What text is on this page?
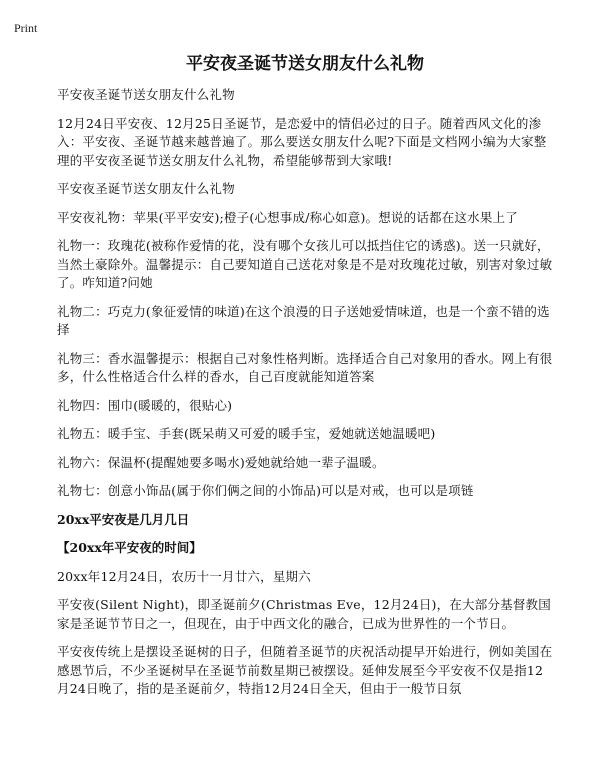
Print
平安夜圣诞节送女朋友什么礼物

平安夜圣诞节送女朋友什么礼物

12月24日平安夜、12月25日圣诞节，是恋爱中的情侣必过的日子。随着西风文化的渗入：平安夜、圣诞节越来越普遍了。那么要送女朋友什么呢?下面是文档网小编为大家整理的平安夜圣诞节送女朋友什么礼物，希望能够帮到大家哦!

平安夜圣诞节送女朋友什么礼物

平安夜礼物：苹果(平平安安);橙子(心想事成/称心如意)。想说的话都在这水果上了

礼物一：玫瑰花(被称作爱情的花，没有哪个女孩儿可以抵挡住它的诱惑)。送一只就好，当然土豪除外。温馨提示：自己要知道自己送花对象是不是对玫瑰花过敏，别害对象过敏了。咋知道?问她

礼物二：巧克力(象征爱情的味道)在这个浪漫的日子送她爱情味道，也是一个蛮不错的选择

礼物三：香水温馨提示：根据自己对象性格判断。选择适合自己对象用的香水。网上有很多，什么性格适合什么样的香水，自己百度就能知道答案

礼物四：围巾(暖暖的，很贴心)

礼物五：暖手宝、手套(既呆萌又可爱的暖手宝，爱她就送她温暖吧)

礼物六：保温杯(提醒她要多喝水)爱她就给她一辈子温暖。

礼物七：创意小饰品(属于你们俩之间的小饰品)可以是对戒，也可以是项链

20xx平安夜是几月几日

【20xx年平安夜的时间】

20xx年12月24日，农历十一月廿六，星期六

平安夜(Silent Night)，即圣诞前夕(Christmas Eve，12月24日)，在大部分基督教国家是圣诞节节日之一，但现在，由于中西文化的融合，已成为世界性的一个节日。

平安夜传统上是摆设圣诞树的日子，但随着圣诞节的庆祝活动提早开始进行，例如美国在感恩节后，不少圣诞树早在圣诞节前数星期已被摆设。延伸发展至今平安夜不仅是指12月24日晚了，指的是圣诞前夕，特指12月24日全天，但由于一般节日氛
